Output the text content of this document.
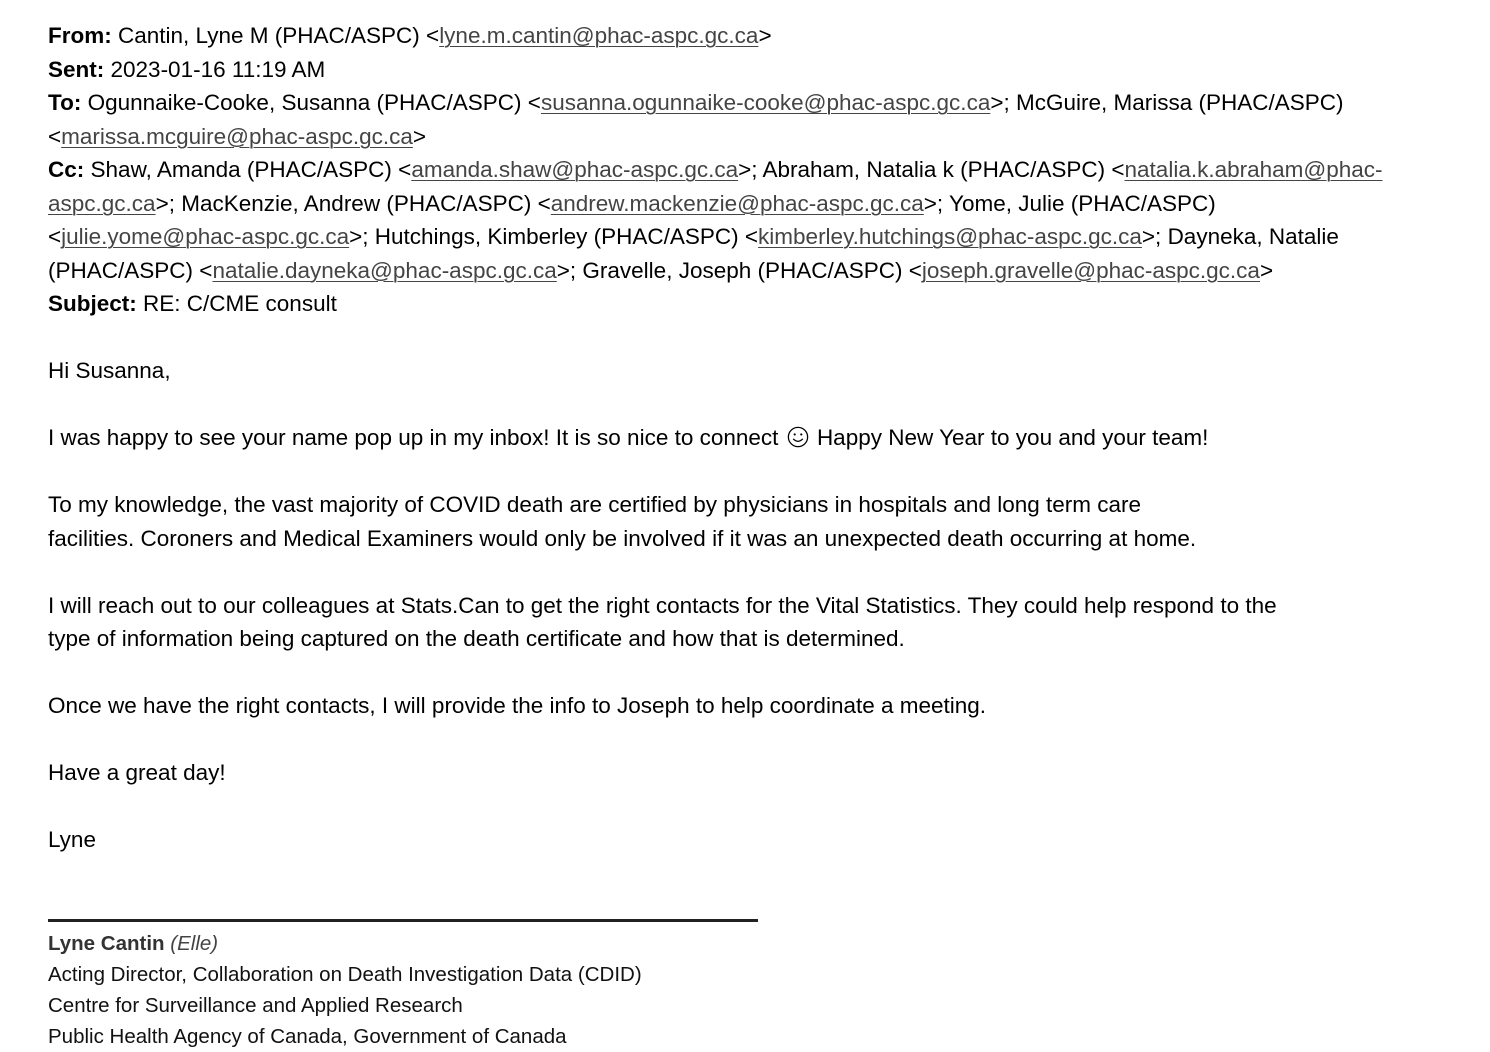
From: Cantin, Lyne M (PHAC/ASPC) <lyne.m.cantin@phac-aspc.gc.ca>
Sent: 2023-01-16 11:19 AM
To: Ogunnaike-Cooke, Susanna (PHAC/ASPC) <susanna.ogunnaike-cooke@phac-aspc.gc.ca>; McGuire, Marissa (PHAC/ASPC)
<marissa.mcguire@phac-aspc.gc.ca>
Cc: Shaw, Amanda (PHAC/ASPC) <amanda.shaw@phac-aspc.gc.ca>; Abraham, Natalia k (PHAC/ASPC) <natalia.k.abraham@phac-
aspc.gc.ca>; MacKenzie, Andrew (PHAC/ASPC) <andrew.mackenzie@phac-aspc.gc.ca>; Yome, Julie (PHAC/ASPC)
<julie.yome@phac-aspc.gc.ca>; Hutchings, Kimberley (PHAC/ASPC) <kimberley.hutchings@phac-aspc.gc.ca>; Dayneka, Natalie
(PHAC/ASPC) <natalie.dayneka@phac-aspc.gc.ca>; Gravelle, Joseph (PHAC/ASPC) <joseph.gravelle@phac-aspc.gc.ca>
Subject: RE: C/CME consult

Hi Susanna,

I was happy to see your name pop up in my inbox! It is so nice to connect Happy New Year to you and your team!

To my knowledge, the vast majority of COVID death are certified by physicians in hospitals and long term care
facilities. Coroners and Medical Examiners would only be involved if it was an unexpected death occurring at home.

I will reach out to our colleagues at Stats.Can to get the right contacts for the Vital Statistics. They could help respond to the
type of information being captured on the death certificate and how that is determined.

Once we have the right contacts, I will provide the info to Joseph to help coordinate a meeting.

Have a great day!

Lyne

Lyne Cantin (Elle)
Acting Director, Collaboration on Death Investigation Data (CDID)
Centre for Surveillance and Applied Research
Public Health Agency of Canada, Government of Canada
